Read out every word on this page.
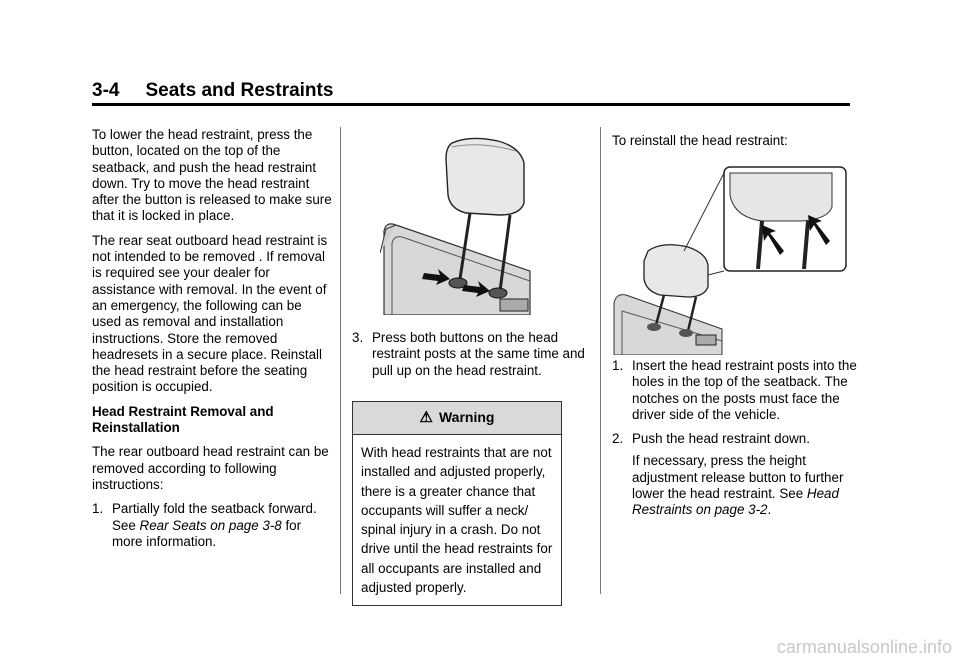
3-4 Seats and Restraints

To lower the head restraint, press the button, located on the top of the seatback, and push the head restraint down. Try to move the head restraint after the button is released to make sure that it is locked in place.

The rear seat outboard head restraint is not intended to be removed . If removal is required see your dealer for assistance with removal. In the event of an emergency, the following can be used as removal and installation instructions. Store the removed headresets in a secure place. Reinstall the head restraint before the seating position is occupied.

Head Restraint Removal and Reinstallation

The rear outboard head restraint can be removed according to following instructions:

1. Partially fold the seatback forward. See Rear Seats on page 3-8 for more information.
3. Press both buttons on the head restraint posts at the same time and pull up on the head restraint.
⚠ Warning
With head restraints that are not installed and adjusted properly, there is a greater chance that occupants will suffer a neck/ spinal injury in a crash. Do not drive until the head restraints for all occupants are installed and adjusted properly.

To reinstall the head restraint:

1. Insert the head restraint posts into the holes in the top of the seatback. The notches on the posts must face the driver side of the vehicle.
2. Push the head restraint down.
If necessary, press the height adjustment release button to further lower the head restraint. See Head Restraints on page 3-2.
carmanualsonline.info
